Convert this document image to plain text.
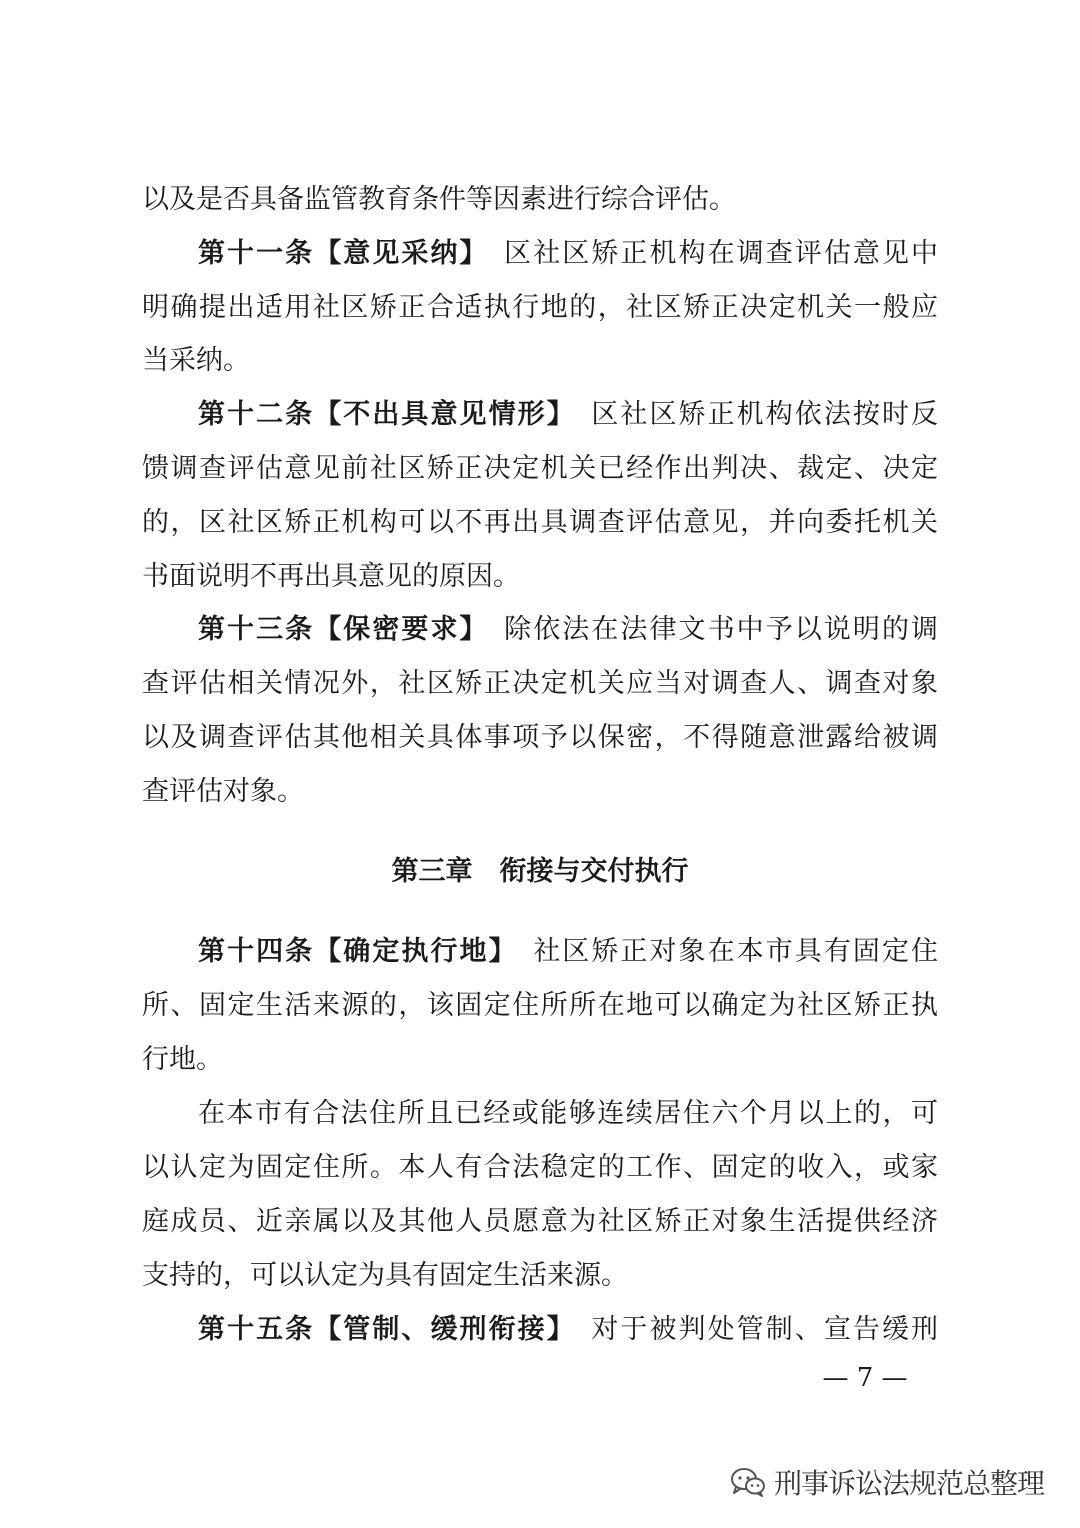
以及是否具备监管教育条件等因素进行综合评估。
第十一条【意见采纳】　区社区矫正机构在调查评估意见中
明确提出适用社区矫正合适执行地的，社区矫正决定机关一般应
当采纳。
第十二条【不出具意见情形】　区社区矫正机构依法按时反
馈调查评估意见前社区矫正决定机关已经作出判决、裁定、决定
的，区社区矫正机构可以不再出具调查评估意见，并向委托机关
书面说明不再出具意见的原因。
第十三条【保密要求】　除依法在法律文书中予以说明的调
查评估相关情况外，社区矫正决定机关应当对调查人、调查对象
以及调查评估其他相关具体事项予以保密，不得随意泄露给被调
查评估对象。
第三章　衔接与交付执行
第十四条【确定执行地】　社区矫正对象在本市具有固定住
所、固定生活来源的，该固定住所所在地可以确定为社区矫正执
行地。
在本市有合法住所且已经或能够连续居住六个月以上的，可
以认定为固定住所。本人有合法稳定的工作、固定的收入，或家
庭成员、近亲属以及其他人员愿意为社区矫正对象生活提供经济
支持的，可以认定为具有固定生活来源。
第十五条【管制、缓刑衔接】　对于被判处管制、宣告缓刑
— 7 —
刑事诉讼法规范总整理
